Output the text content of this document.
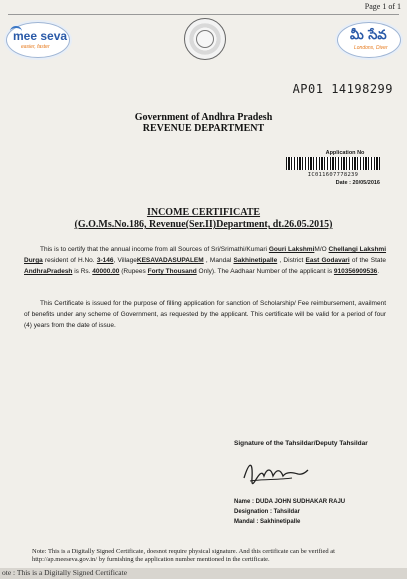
Page 1 of 1
mee seva
easier, faster
మీ సేవ
Londons, Diver
AP01 14198299
Government of Andhra Pradesh
REVENUE DEPARTMENT
Application No
IC011607778239
Date : 20/05/2016
INCOME CERTIFICATE
(G.O.Ms.No.186, Revenue(Ser.II)Department, dt.26.05.2015)
This is to certify that the annual income from all Sources of Sri/Srimathi/Kumari Gouri LakshmiM/O Chellangi Lakshmi Durga resident of H.No. 3-146, VillageKESAVADASUPALEM , Mandal Sakhinetipalle , District East Godavari of the State AndhraPradesh is Rs. 40000.00 (Rupees Forty Thousand Only). The Aadhaar Number of the applicant is 910356909536.
This Certificate is issued for the purpose of filling application for sanction of Scholarship/ Fee reimbursement, availment of benefits under any scheme of Government, as requested by the applicant. This certificate will be valid for a period of four (4) years from the date of issue.
Signature of the Tahsildar/Deputy Tahsildar
Name : DUDA JOHN SUDHAKAR RAJU
Designation : Tahsildar
Mandal : Sakhinetipalle
Note: This is a Digitally Signed Certificate, doesnot require physical signature. And this certificate can be verified at http://ap.meeseva.gov.in/ by furnishing the application number mentioned in the certificate.
ote : This is a Digitally Signed Certificate
